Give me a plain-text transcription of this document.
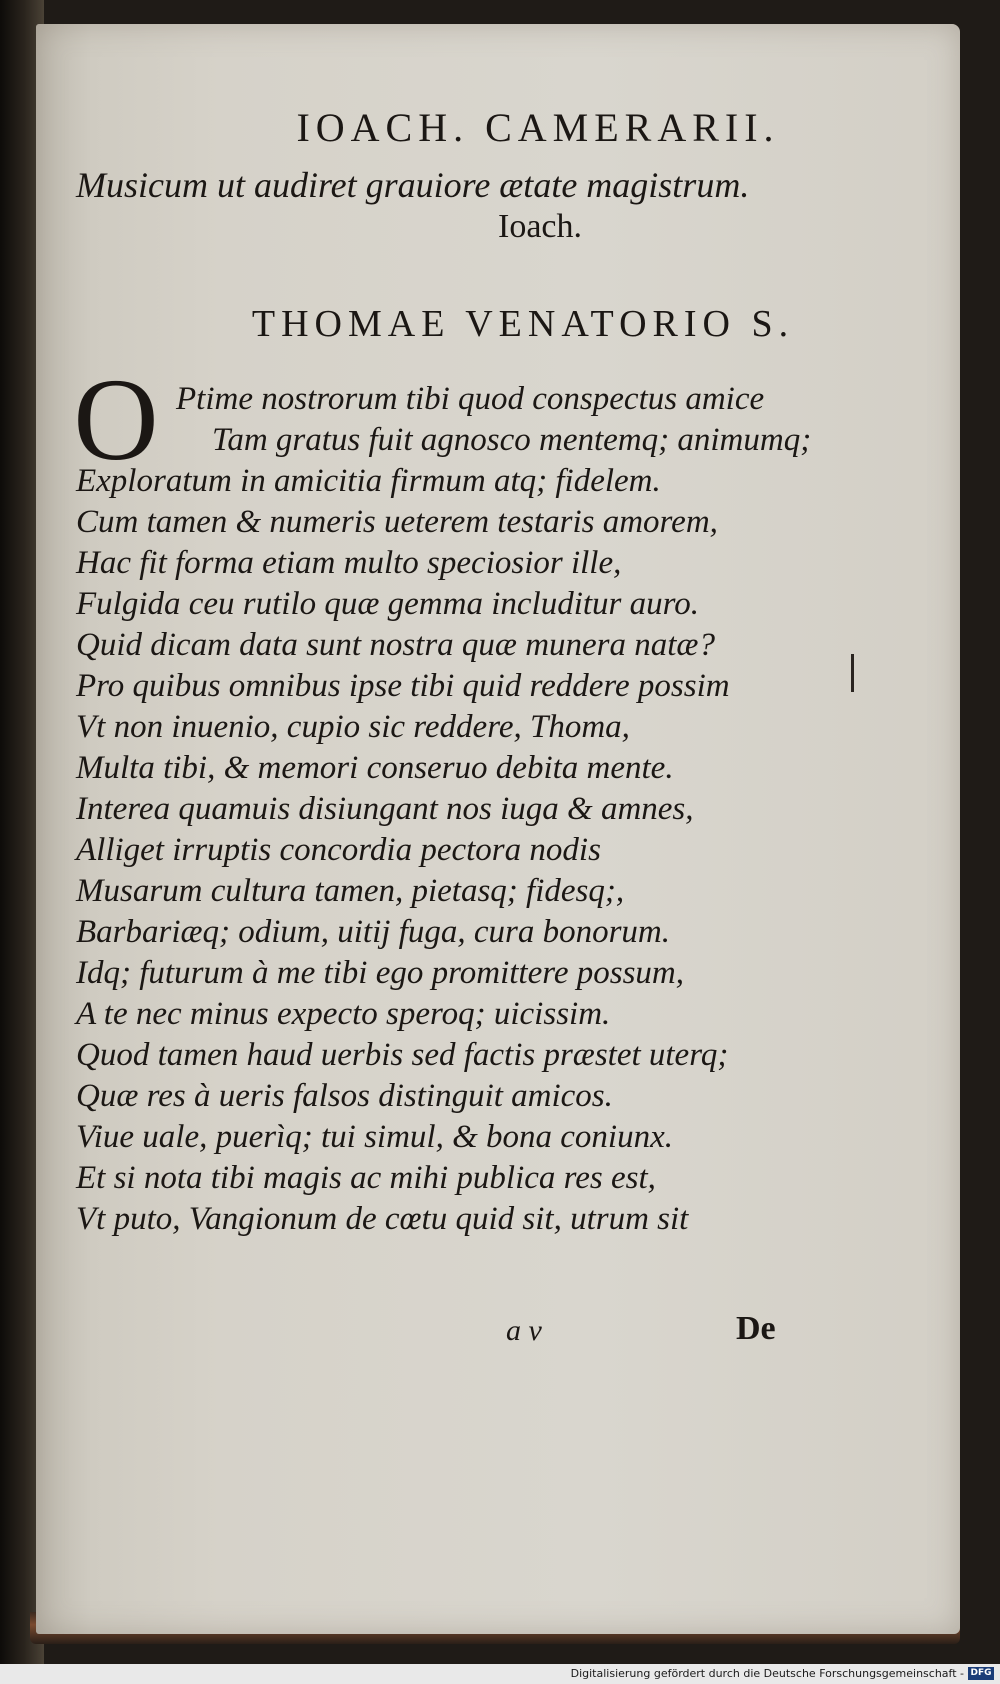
IOACH. CAMERARII.
Musicum ut audiret grauiore ætate magistrum.
Ioach.
THOMAE VENATORIO S.
O Ptime nostrorum tibi quod conspectus amice
Tam gratus fuit agnosco mentemq; animumq;
Exploratum in amicitia firmum atq; fidelem.
Cum tamen & numeris ueterem testaris amorem,
Hac fit forma etiam multo speciosior ille,
Fulgida ceu rutilo quæ gemma includitur auro.
Quid dicam data sunt nostra quæ munera natæ?
Pro quibus omnibus ipse tibi quid reddere possim
Vt non inuenio, cupio sic reddere, Thoma,
Multa tibi, & memori conseruo debita mente.
Interea quamuis disiungant nos iuga & amnes,
Alliget irruptis concordia pectora nodis
Musarum cultura tamen, pietasq; fidesq;,
Barbariæq; odium, uitij fuga, cura bonorum.
Idq; futurum à me tibi ego promittere possum,
A te nec minus expecto speroq; uicissim.
Quod tamen haud uerbis sed factis præstet uterq;
Quæ res à ueris falsos distinguit amicos.
Viue uale, puerìq; tui simul, & bona coniunx.
Et si nota tibi magis ac mihi publica res est,
Vt puto, Vangionum de cœtu quid sit, utrum sit
a v	De
Digitalisierung gefördert durch die Deutsche Forschungsgemeinschaft - DFG
